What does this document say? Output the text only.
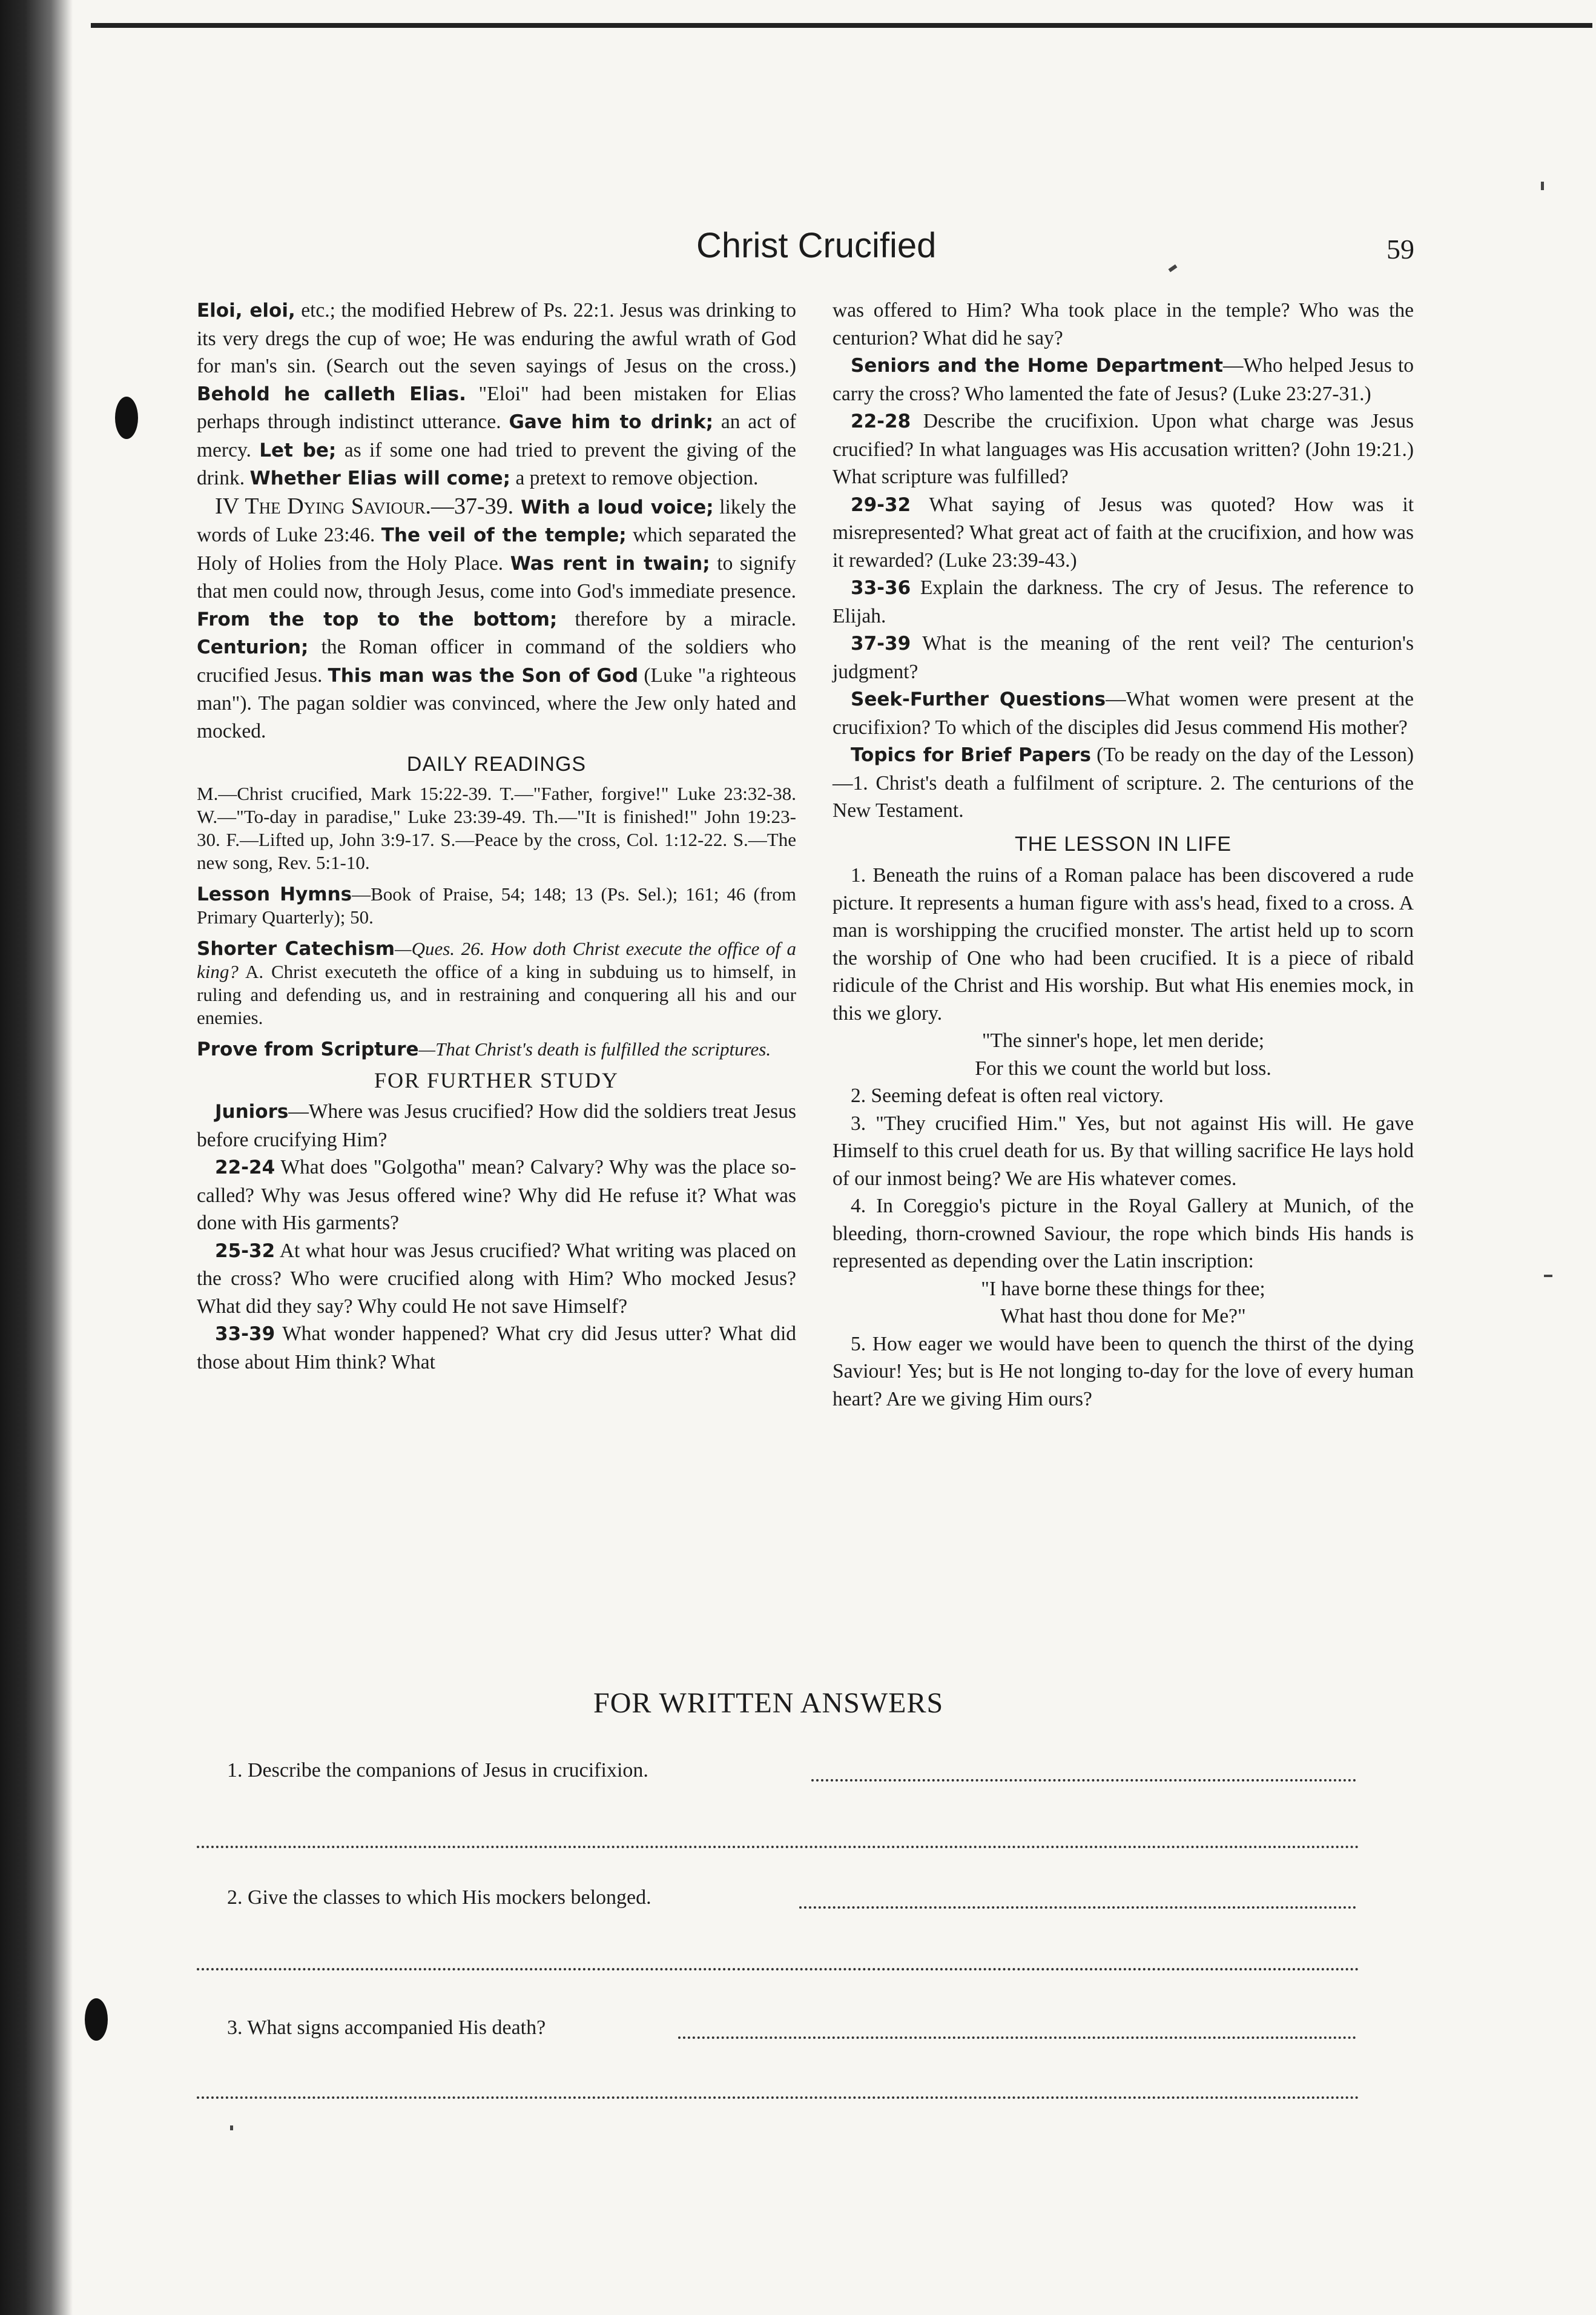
Christ Crucified	59

Eloi, eloi, etc.; the modified Hebrew of Ps. 22:1. Jesus was drinking to its very dregs the cup of woe; He was enduring the awful wrath of God for man's sin. (Search out the seven sayings of Jesus on the cross.) Behold he calleth Elias. "Eloi" had been mistaken for Elias perhaps through indistinct utterance. Gave him to drink; an act of mercy. Let be; as if some one had tried to prevent the giving of the drink. Whether Elias will come; a pretext to remove objection.

IV The Dying Saviour.—37-39. With a loud voice; likely the words of Luke 23:46. The veil of the temple; which separated the Holy of Holies from the Holy Place. Was rent in twain; to signify that men could now, through Jesus, come into God's immediate presence. From the top to the bottom; therefore by a miracle. Centurion; the Roman officer in command of the soldiers who crucified Jesus. This man was the Son of God (Luke "a righteous man"). The pagan soldier was convinced, where the Jew only hated and mocked.

DAILY READINGS

M.—Christ crucified, Mark 15:22-39. T.—"Father, forgive!" Luke 23:32-38. W.—"To-day in paradise," Luke 23:39-49. Th.—"It is finished!" John 19:23-30. F.—Lifted up, John 3:9-17. S.—Peace by the cross, Col. 1:12-22. S.—The new song, Rev. 5:1-10.

Lesson Hymns—Book of Praise, 54; 148; 13 (Ps. Sel.); 161; 46 (from Primary Quarterly); 50.

Shorter Catechism—Ques. 26. How doth Christ execute the office of a king? A. Christ executeth the office of a king in subduing us to himself, in ruling and defending us, and in restraining and conquering all his and our enemies.

Prove from Scripture—That Christ's death is fulfilled the scriptures.

FOR FURTHER STUDY

Juniors—Where was Jesus crucified? How did the soldiers treat Jesus before crucifying Him?

22-24 What does "Golgotha" mean? Calvary? Why was the place so-called? Why was Jesus offered wine? Why did He refuse it? What was done with His garments?

25-32 At what hour was Jesus crucified? What writing was placed on the cross? Who were crucified along with Him? Who mocked Jesus? What did they say? Why could He not save Himself?

33-39 What wonder happened? What cry did Jesus utter? What did those about Him think? What

was offered to Him? Wha took place in the temple? Who was the centurion? What did he say?

Seniors and the Home Department—Who helped Jesus to carry the cross? Who lamented the fate of Jesus? (Luke 23:27-31.)

22-28 Describe the crucifixion. Upon what charge was Jesus crucified? In what languages was His accusation written? (John 19:21.) What scripture was fulfilled?

29-32 What saying of Jesus was quoted? How was it misrepresented? What great act of faith at the crucifixion, and how was it rewarded? (Luke 23:39-43.)

33-36 Explain the darkness. The cry of Jesus. The reference to Elijah.

37-39 What is the meaning of the rent veil? The centurion's judgment?

Seek-Further Questions—What women were present at the crucifixion? To which of the disciples did Jesus commend His mother?

Topics for Brief Papers (To be ready on the day of the Lesson)—1. Christ's death a fulfilment of scripture. 2. The centurions of the New Testament.

THE LESSON IN LIFE

1. Beneath the ruins of a Roman palace has been discovered a rude picture. It represents a human figure with ass's head, fixed to a cross. A man is worshipping the crucified monster. The artist held up to scorn the worship of One who had been crucified. It is a piece of ribald ridicule of the Christ and His worship. But what His enemies mock, in this we glory.

"The sinner's hope, let men deride;

For this we count the world but loss.

2. Seeming defeat is often real victory.

3. "They crucified Him." Yes, but not against His will. He gave Himself to this cruel death for us. By that willing sacrifice He lays hold of our inmost being? We are His whatever comes.

4. In Coreggio's picture in the Royal Gallery at Munich, of the bleeding, thorn-crowned Saviour, the rope which binds His hands is represented as depending over the Latin inscription:

"I have borne these things for thee;

What hast thou done for Me?"

5. How eager we would have been to quench the thirst of the dying Saviour! Yes; but is He not longing to-day for the love of every human heart? Are we giving Him ours?

FOR WRITTEN ANSWERS
1. Describe the companions of Jesus in crucifixion.
2. Give the classes to which His mockers belonged.
3. What signs accompanied His death?
